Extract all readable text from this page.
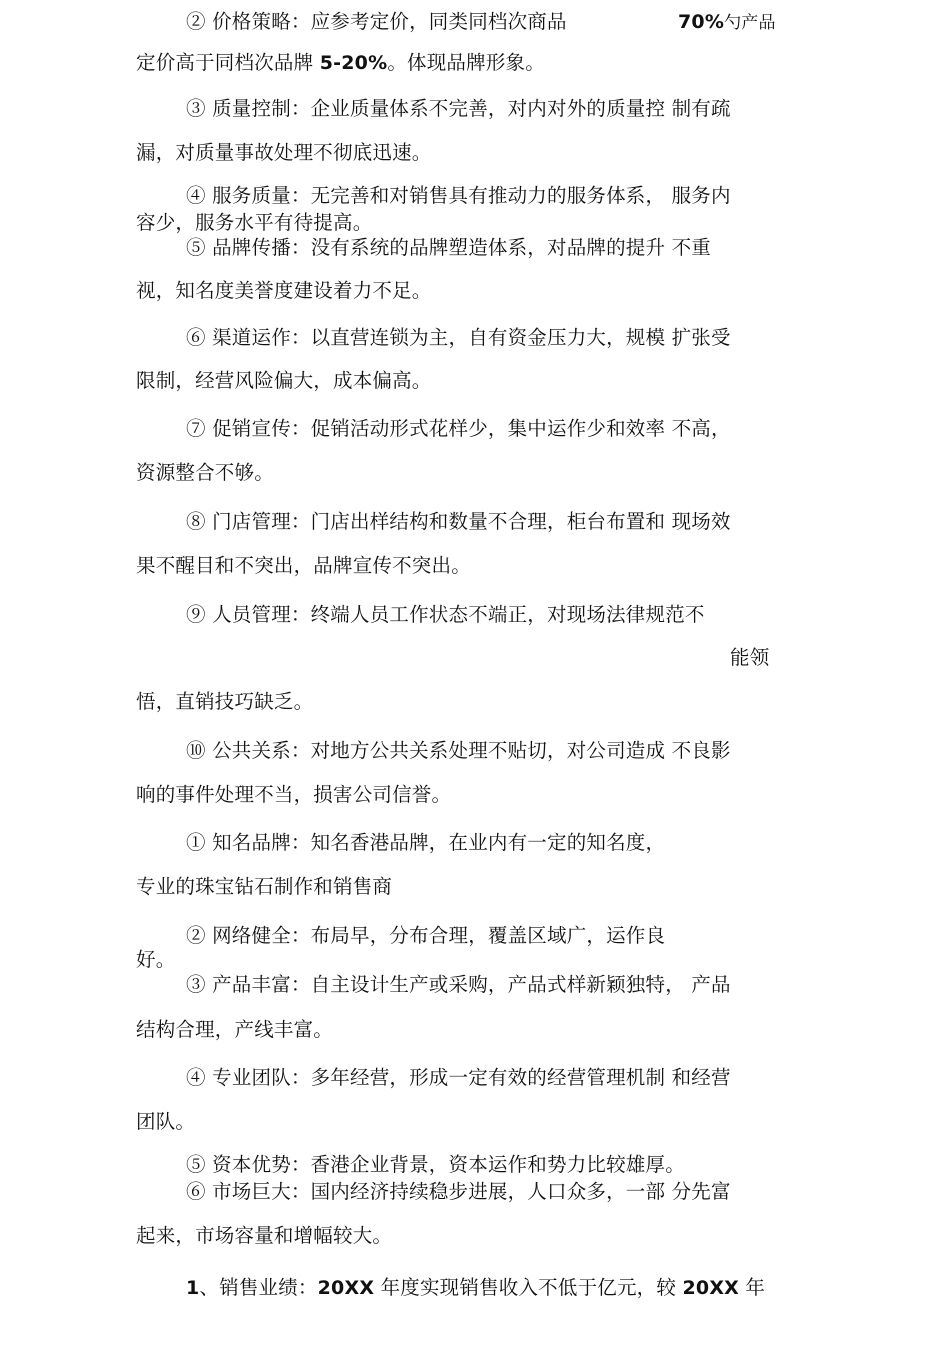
② 价格策略：应参考定价，同类同档次商品	70%勺产品
定价高于同档次品牌 5-20%。体现品牌形象。
③ 质量控制：企业质量体系不完善，对内对外的质量控 制有疏
漏，对质量事故处理不彻底迅速。
④ 服务质量：无完善和对销售具有推动力的服务体系， 服务内
容少，服务水平有待提高。
⑤ 品牌传播：没有系统的品牌塑造体系，对品牌的提升 不重
视，知名度美誉度建设着力不足。
⑥ 渠道运作：以直营连锁为主，自有资金压力大，规模 扩张受
限制，经营风险偏大，成本偏高。
⑦ 促销宣传：促销活动形式花样少，集中运作少和效率 不高，
资源整合不够。
⑧ 门店管理：门店出样结构和数量不合理，柜台布置和 现场效
果不醒目和不突出，品牌宣传不突出。
⑨ 人员管理：终端人员工作状态不端正，对现场法律规范不
能领
悟，直销技巧缺乏。
⑩ 公共关系：对地方公共关系处理不贴切，对公司造成 不良影
响的事件处理不当，损害公司信誉。
① 知名品牌：知名香港品牌，在业内有一定的知名度，
专业的珠宝钻石制作和销售商
② 网络健全：布局早，分布合理，覆盖区域广，运作良
好。
③ 产品丰富：自主设计生产或采购，产品式样新颖独特， 产品
结构合理，产线丰富。
④ 专业团队：多年经营，形成一定有效的经营管理机制 和经营
团队。
⑤ 资本优势：香港企业背景，资本运作和势力比较雄厚。
⑥ 市场巨大：国内经济持续稳步进展，人口众多，一部 分先富
起来，市场容量和增幅较大。
1、销售业绩：20XX 年度实现销售收入不低于亿元，较 20XX 年
